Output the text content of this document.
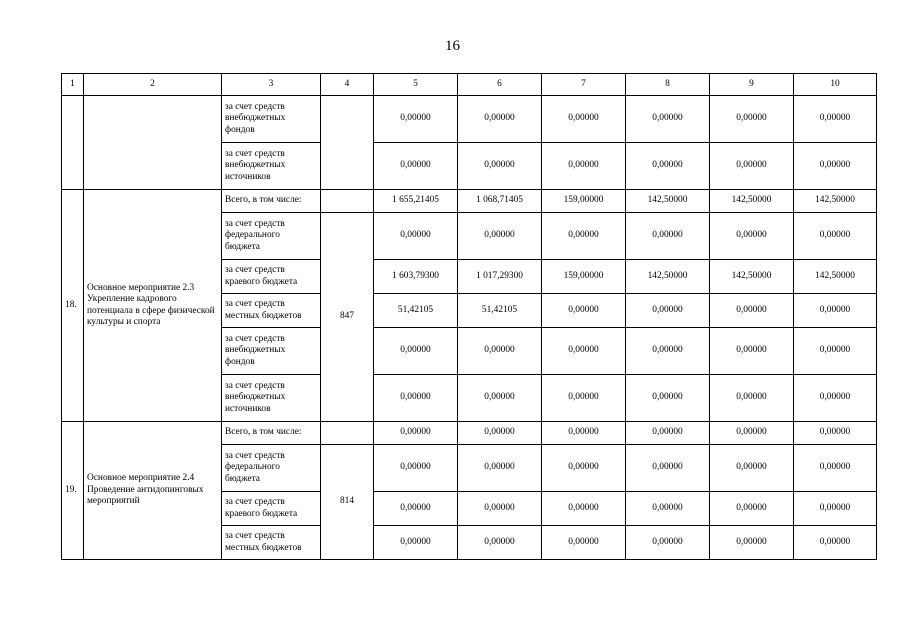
16
1	2	3	4	5	6	7	8	9	10
		за счет средств внебюджетных фондов		0,00000	0,00000	0,00000	0,00000	0,00000	0,00000
		за счет средств внебюджетных источников		0,00000	0,00000	0,00000	0,00000	0,00000	0,00000
18.	Основное мероприятие 2.3 Укрепление кадрового потенциала в сфере физической культуры и спорта	Всего, в том числе:		1 655,21405	1 068,71405	159,00000	142,50000	142,50000	142,50000
		за счет средств федерального бюджета	847	0,00000	0,00000	0,00000	0,00000	0,00000	0,00000
		за счет средств краевого бюджета		1 603,79300	1 017,29300	159,00000	142,50000	142,50000	142,50000
		за счет средств местных бюджетов		51,42105	51,42105	0,00000	0,00000	0,00000	0,00000
		за счет средств внебюджетных фондов		0,00000	0,00000	0,00000	0,00000	0,00000	0,00000
		за счет средств внебюджетных источников		0,00000	0,00000	0,00000	0,00000	0,00000	0,00000
19.	Основное мероприятие 2.4 Проведение антидопинговых мероприятий	Всего, в том числе:		0,00000	0,00000	0,00000	0,00000	0,00000	0,00000
		за счет средств федерального бюджета	814	0,00000	0,00000	0,00000	0,00000	0,00000	0,00000
		за счет средств краевого бюджета		0,00000	0,00000	0,00000	0,00000	0,00000	0,00000
		за счет средств местных бюджетов		0,00000	0,00000	0,00000	0,00000	0,00000	0,00000
